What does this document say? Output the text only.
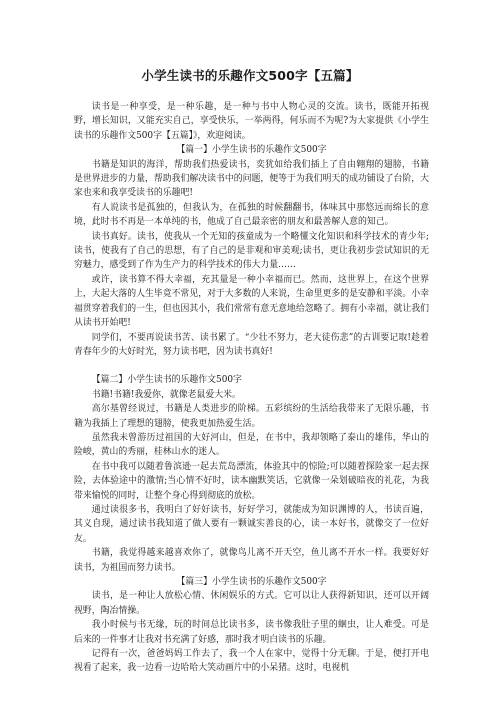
小学生读书的乐趣作文500字【五篇】

读书是一种享受，是一种乐趣，是一种与书中人物心灵的交流。读书，既能开拓视野，增长知识，又能充实自己，享受快乐，一举两得，何乐而不为呢?为大家提供《小学生读书的乐趣作文500字【五篇】》，欢迎阅读。

【篇一】小学生读书的乐趣作文500字

书籍是知识的海洋，帮助我们热爱读书，奕犹如给我们插上了自由翱翔的翅膀，书籍是世界进步的力量，帮助我们解决读书中的问题，便等于为我们明天的成功铺设了台阶，大家也来和我享受读书的乐趣吧!

有人说读书是孤独的，但我认为，在孤独的时候翻翻书，体味其中那悠远而绵长的意境，此时书不再是一本单纯的书，他成了自己最亲密的朋友和最善解人意的知己。

读书真好。读书，使我从一个无知的孩童成为一个略懂文化知识和科学技术的青少年;读书，使我有了自己的思想，有了自己的是非观和审美观;读书，更让我初步尝试知识的无穷魅力，感受到了作为生产力的科学技术的伟大力量……

或许，读书算不得大幸福，充其量是一种小幸福而已。然而，这世界上，在这个世界上，大起大落的人生毕竟不常见，对于大多数的人来说，生命里更多的是安静和平淡。小幸福贯穿着我们的一生，但也因其小，我们常常有意无意地给忽略了。拥有小幸福，就让我们从读书开始吧!

同学们，不要再说读书苦、读书累了。“少壮不努力，老大徒伤悲”的古训要记取!趁着青春年少的大好时光，努力读书吧，因为读书真好!

【篇二】小学生读书的乐趣作文500字

书籍!书籍!我爱你，就像老鼠爱大米。

高尔基曾经说过，书籍是人类进步的阶梯。五彩缤纷的生活给我带来了无限乐趣，书籍为我插上了理想的翅膀，使我更加热爱生活。

虽然我未曾游历过祖国的大好河山，但是，在书中，我却领略了泰山的雄伟，华山的险峻，黄山的秀丽，桂林山水的迷人。

在书中我可以随着鲁滨逊一起去荒岛漂流，体验其中的惊险;可以随着探险家一起去探险，去体验途中的激情;当心情不好时，读本幽默笑话，它就像一朵划破暗夜的礼花，为我带来愉悦的同时，让整个身心得到彻底的放松。

通过读很多书，我明白了好好读书，好好学习，就能成为知识渊博的人，书读百遍，其义自现，通过读书我知道了做人要有一颗诚实善良的心，读一本好书，就像交了一位好友。

书籍，我觉得越来越喜欢你了，就像鸟儿离不开天空，鱼儿离不开水一样。我要好好读书，为祖国而努力读书。

【篇三】小学生读书的乐趣作文500字

读书，是一种让人放松心情、休闲娱乐的方式。它可以让人获得新知识，还可以开阔视野，陶冶情操。

我小时候与书无缘，玩的时间总比读书多，读书像我肚子里的蛔虫，让人难受。可是后来的一件事才让我对书充满了好感，那时我才明白读书的乐趣。

记得有一次，爸爸妈妈工作去了，我一个人在家中，觉得十分无聊。于是，便打开电视看了起来，我一边看一边哈哈大笑动画片中的小呆猪。这时，电视机
